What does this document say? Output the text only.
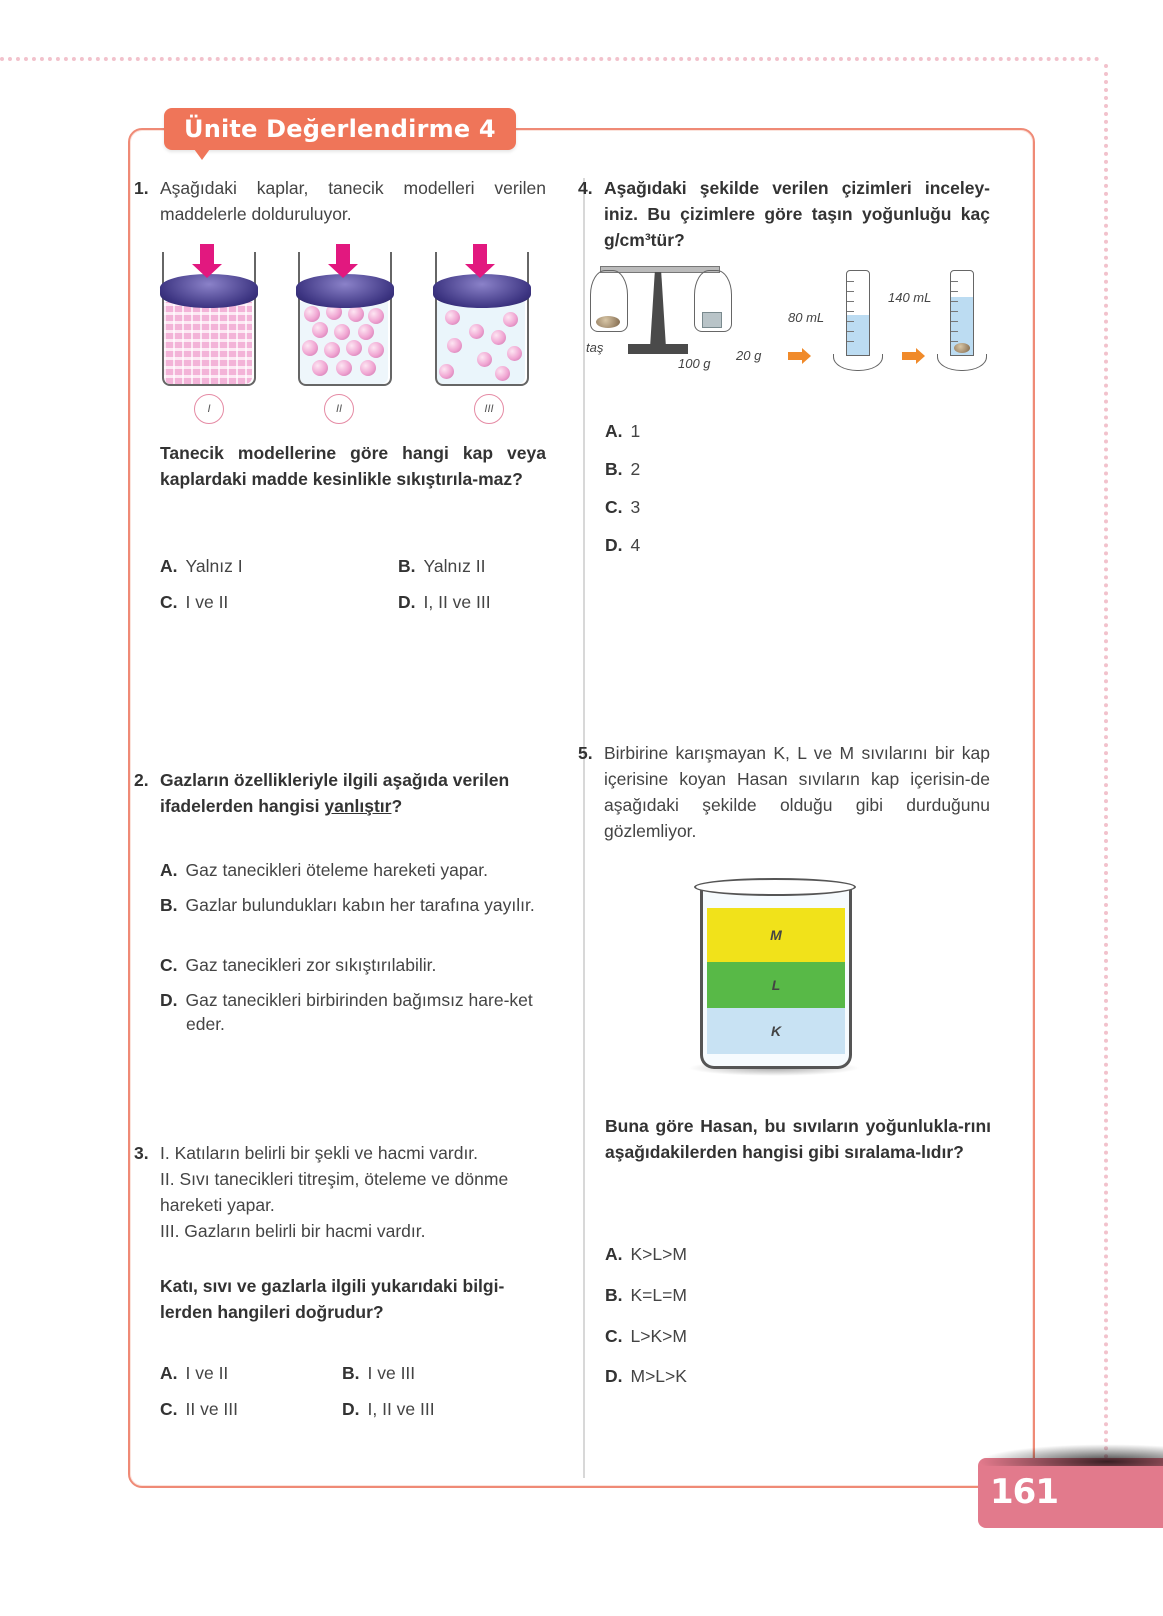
Ünite Değerlendirme 4
1. Aşağıdaki kaplar, tanecik modelleri verilen maddelerle dolduruluyor.
I	II	III
Tanecik modellerine göre hangi kap veya kaplardaki madde kesinlikle sıkıştırıla-maz?
A. Yalnız I	B. Yalnız II
C. I ve II	D. I, II ve III
2. Gazların özellikleriyle ilgili aşağıda verilen ifadelerden hangisi yanlıştır?
A. Gaz tanecikleri öteleme hareketi yapar.
B. Gazlar bulundukları kabın her tarafına yayılır.
C. Gaz tanecikleri zor sıkıştırılabilir.
D. Gaz tanecikleri birbirinden bağımsız hare-ket eder.
3. I. Katıların belirli bir şekli ve hacmi vardır.
II. Sıvı tanecikleri titreşim, öteleme ve dönme hareketi yapar.
III. Gazların belirli bir hacmi vardır.
Katı, sıvı ve gazlarla ilgili yukarıdaki bilgi-lerden hangileri doğrudur?
A. I ve II	B. I ve III
C. II ve III	D. I, II ve III
4. Aşağıdaki şekilde verilen çizimleri inceley-iniz. Bu çizimlere göre taşın yoğunluğu kaç g/cm³tür?
taş
100 g
20 g
80 mL
140 mL
A. 1
B. 2
C. 3
D. 4
5. Birbirine karışmayan K, L ve M sıvılarını bir kap içerisine koyan Hasan sıvıların kap içerisin-de aşağıdaki şekilde olduğu gibi durduğunu gözlemliyor.
M
L
K
Buna göre Hasan, bu sıvıların yoğunlukla-rını aşağıdakilerden hangisi gibi sıralama-lıdır?
A. K>L>M
B. K=L=M
C. L>K>M
D. M>L>K
161
